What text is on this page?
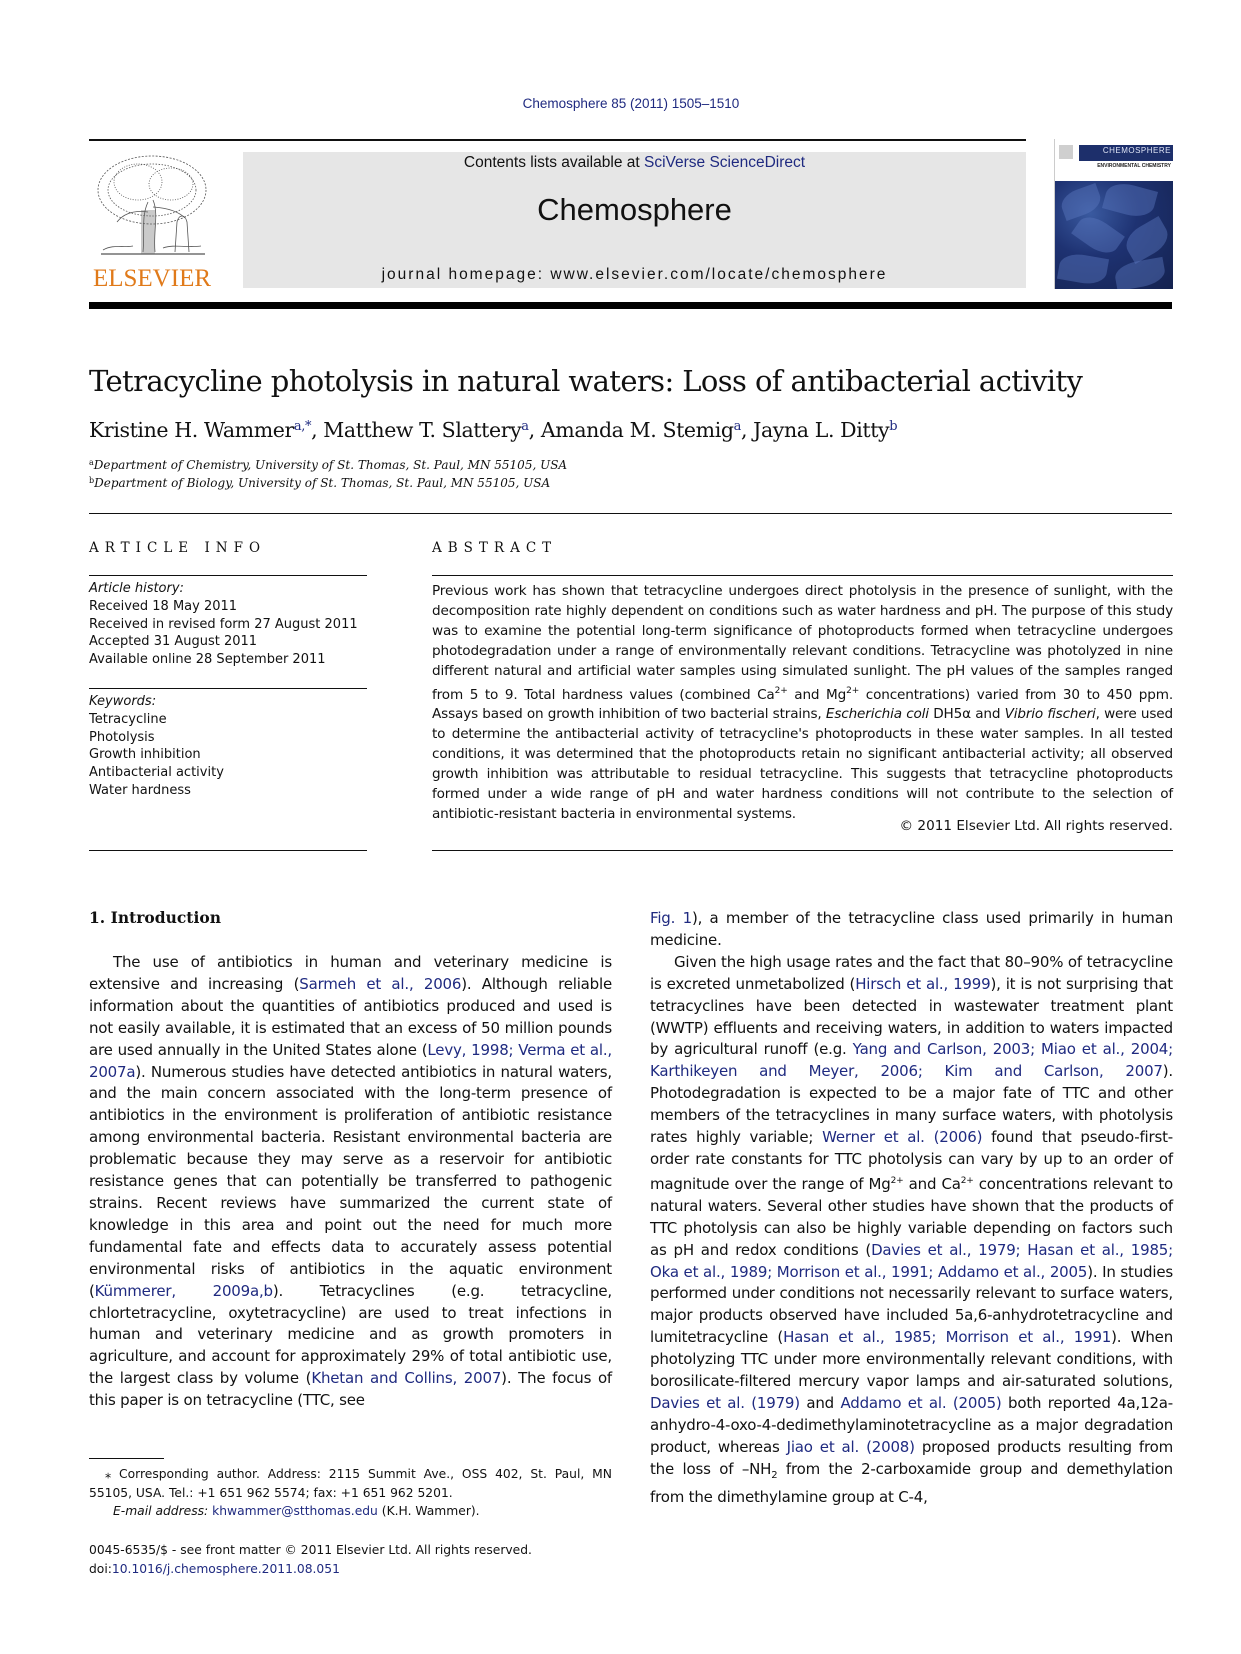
Chemosphere 85 (2011) 1505–1510
ELSEVIER
Contents lists available at SciVerse ScienceDirect
Chemosphere
journal homepage: www.elsevier.com/locate/chemosphere
CHEMOSPHERE
ENVIRONMENTAL CHEMISTRY
Tetracycline photolysis in natural waters: Loss of antibacterial activity
Kristine H. Wammer$^{a,*}$, Matthew T. Slattery$^a$, Amanda M. Stemig$^a$, Jayna L. Ditty$^b$
$^a$Department of Chemistry, University of St. Thomas, St. Paul, MN 55105, USA
$^b$Department of Biology, University of St. Thomas, St. Paul, MN 55105, USA
ARTICLE INFO
Article history:
Received 18 May 2011
Received in revised form 27 August 2011
Accepted 31 August 2011
Available online 28 September 2011
Keywords:
Tetracycline
Photolysis
Growth inhibition
Antibacterial activity
Water hardness
ABSTRACT
Previous work has shown that tetracycline undergoes direct photolysis in the presence of sunlight, with the decomposition rate highly dependent on conditions such as water hardness and pH. The purpose of this study was to examine the potential long-term significance of photoproducts formed when tetracycline undergoes photodegradation under a range of environmentally relevant conditions. Tetracycline was photolyzed in nine different natural and artificial water samples using simulated sunlight. The pH values of the samples ranged from 5 to 9. Total hardness values (combined $Ca^{2+}$ and $Mg^{2+}$ concentrations) varied from 30 to 450 ppm. Assays based on growth inhibition of two bacterial strains, Escherichia coli DH5α and Vibrio fischeri, were used to determine the antibacterial activity of tetracycline's photoproducts in these water samples. In all tested conditions, it was determined that the photoproducts retain no significant antibacterial activity; all observed growth inhibition was attributable to residual tetracycline. This suggests that tetracycline photoproducts formed under a wide range of pH and water hardness conditions will not contribute to the selection of antibiotic-resistant bacteria in environmental systems.
© 2011 Elsevier Ltd. All rights reserved.
1. Introduction

The use of antibiotics in human and veterinary medicine is extensive and increasing (Sarmeh et al., 2006). Although reliable information about the quantities of antibiotics produced and used is not easily available, it is estimated that an excess of 50 million pounds are used annually in the United States alone (Levy, 1998; Verma et al., 2007a). Numerous studies have detected antibiotics in natural waters, and the main concern associated with the long-term presence of antibiotics in the environment is proliferation of antibiotic resistance among environmental bacteria. Resistant environmental bacteria are problematic because they may serve as a reservoir for antibiotic resistance genes that can potentially be transferred to pathogenic strains. Recent reviews have summarized the current state of knowledge in this area and point out the need for much more fundamental fate and effects data to accurately assess potential environmental risks of antibiotics in the aquatic environment (Kümmerer, 2009a,b). Tetracyclines (e.g. tetracycline, chlortetracycline, oxytetracycline) are used to treat infections in human and veterinary medicine and as growth promoters in agriculture, and account for approximately 29% of total antibiotic use, the largest class by volume (Khetan and Collins, 2007). The focus of this paper is on tetracycline (TTC, see

Fig. 1), a member of the tetracycline class used primarily in human medicine.

Given the high usage rates and the fact that 80–90% of tetracycline is excreted unmetabolized (Hirsch et al., 1999), it is not surprising that tetracyclines have been detected in wastewater treatment plant (WWTP) effluents and receiving waters, in addition to waters impacted by agricultural runoff (e.g. Yang and Carlson, 2003; Miao et al., 2004; Karthikeyen and Meyer, 2006; Kim and Carlson, 2007). Photodegradation is expected to be a major fate of TTC and other members of the tetracyclines in many surface waters, with photolysis rates highly variable; Werner et al. (2006) found that pseudo-first-order rate constants for TTC photolysis can vary by up to an order of magnitude over the range of $Mg^{2+}$ and $Ca^{2+}$ concentrations relevant to natural waters. Several other studies have shown that the products of TTC photolysis can also be highly variable depending on factors such as pH and redox conditions (Davies et al., 1979; Hasan et al., 1985; Oka et al., 1989; Morrison et al., 1991; Addamo et al., 2005). In studies performed under conditions not necessarily relevant to surface waters, major products observed have included 5a,6-anhydrotetracycline and lumitetracycline (Hasan et al., 1985; Morrison et al., 1991). When photolyzing TTC under more environmentally relevant conditions, with borosilicate-filtered mercury vapor lamps and air-saturated solutions, Davies et al. (1979) and Addamo et al. (2005) both reported 4a,12a-anhydro-4-oxo-4-dedimethylaminotetracycline as a major degradation product, whereas Jiao et al. (2008) proposed products resulting from the loss of $-NH_2$ from the 2-carboxamide group and demethylation from the dimethylamine group at C-4,

⁎ Corresponding author. Address: 2115 Summit Ave., OSS 402, St. Paul, MN 55105, USA. Tel.: +1 651 962 5574; fax: +1 651 962 5201.
E-mail address: khwammer@stthomas.edu (K.H. Wammer).
0045-6535/$ - see front matter © 2011 Elsevier Ltd. All rights reserved.
doi:10.1016/j.chemosphere.2011.08.051
